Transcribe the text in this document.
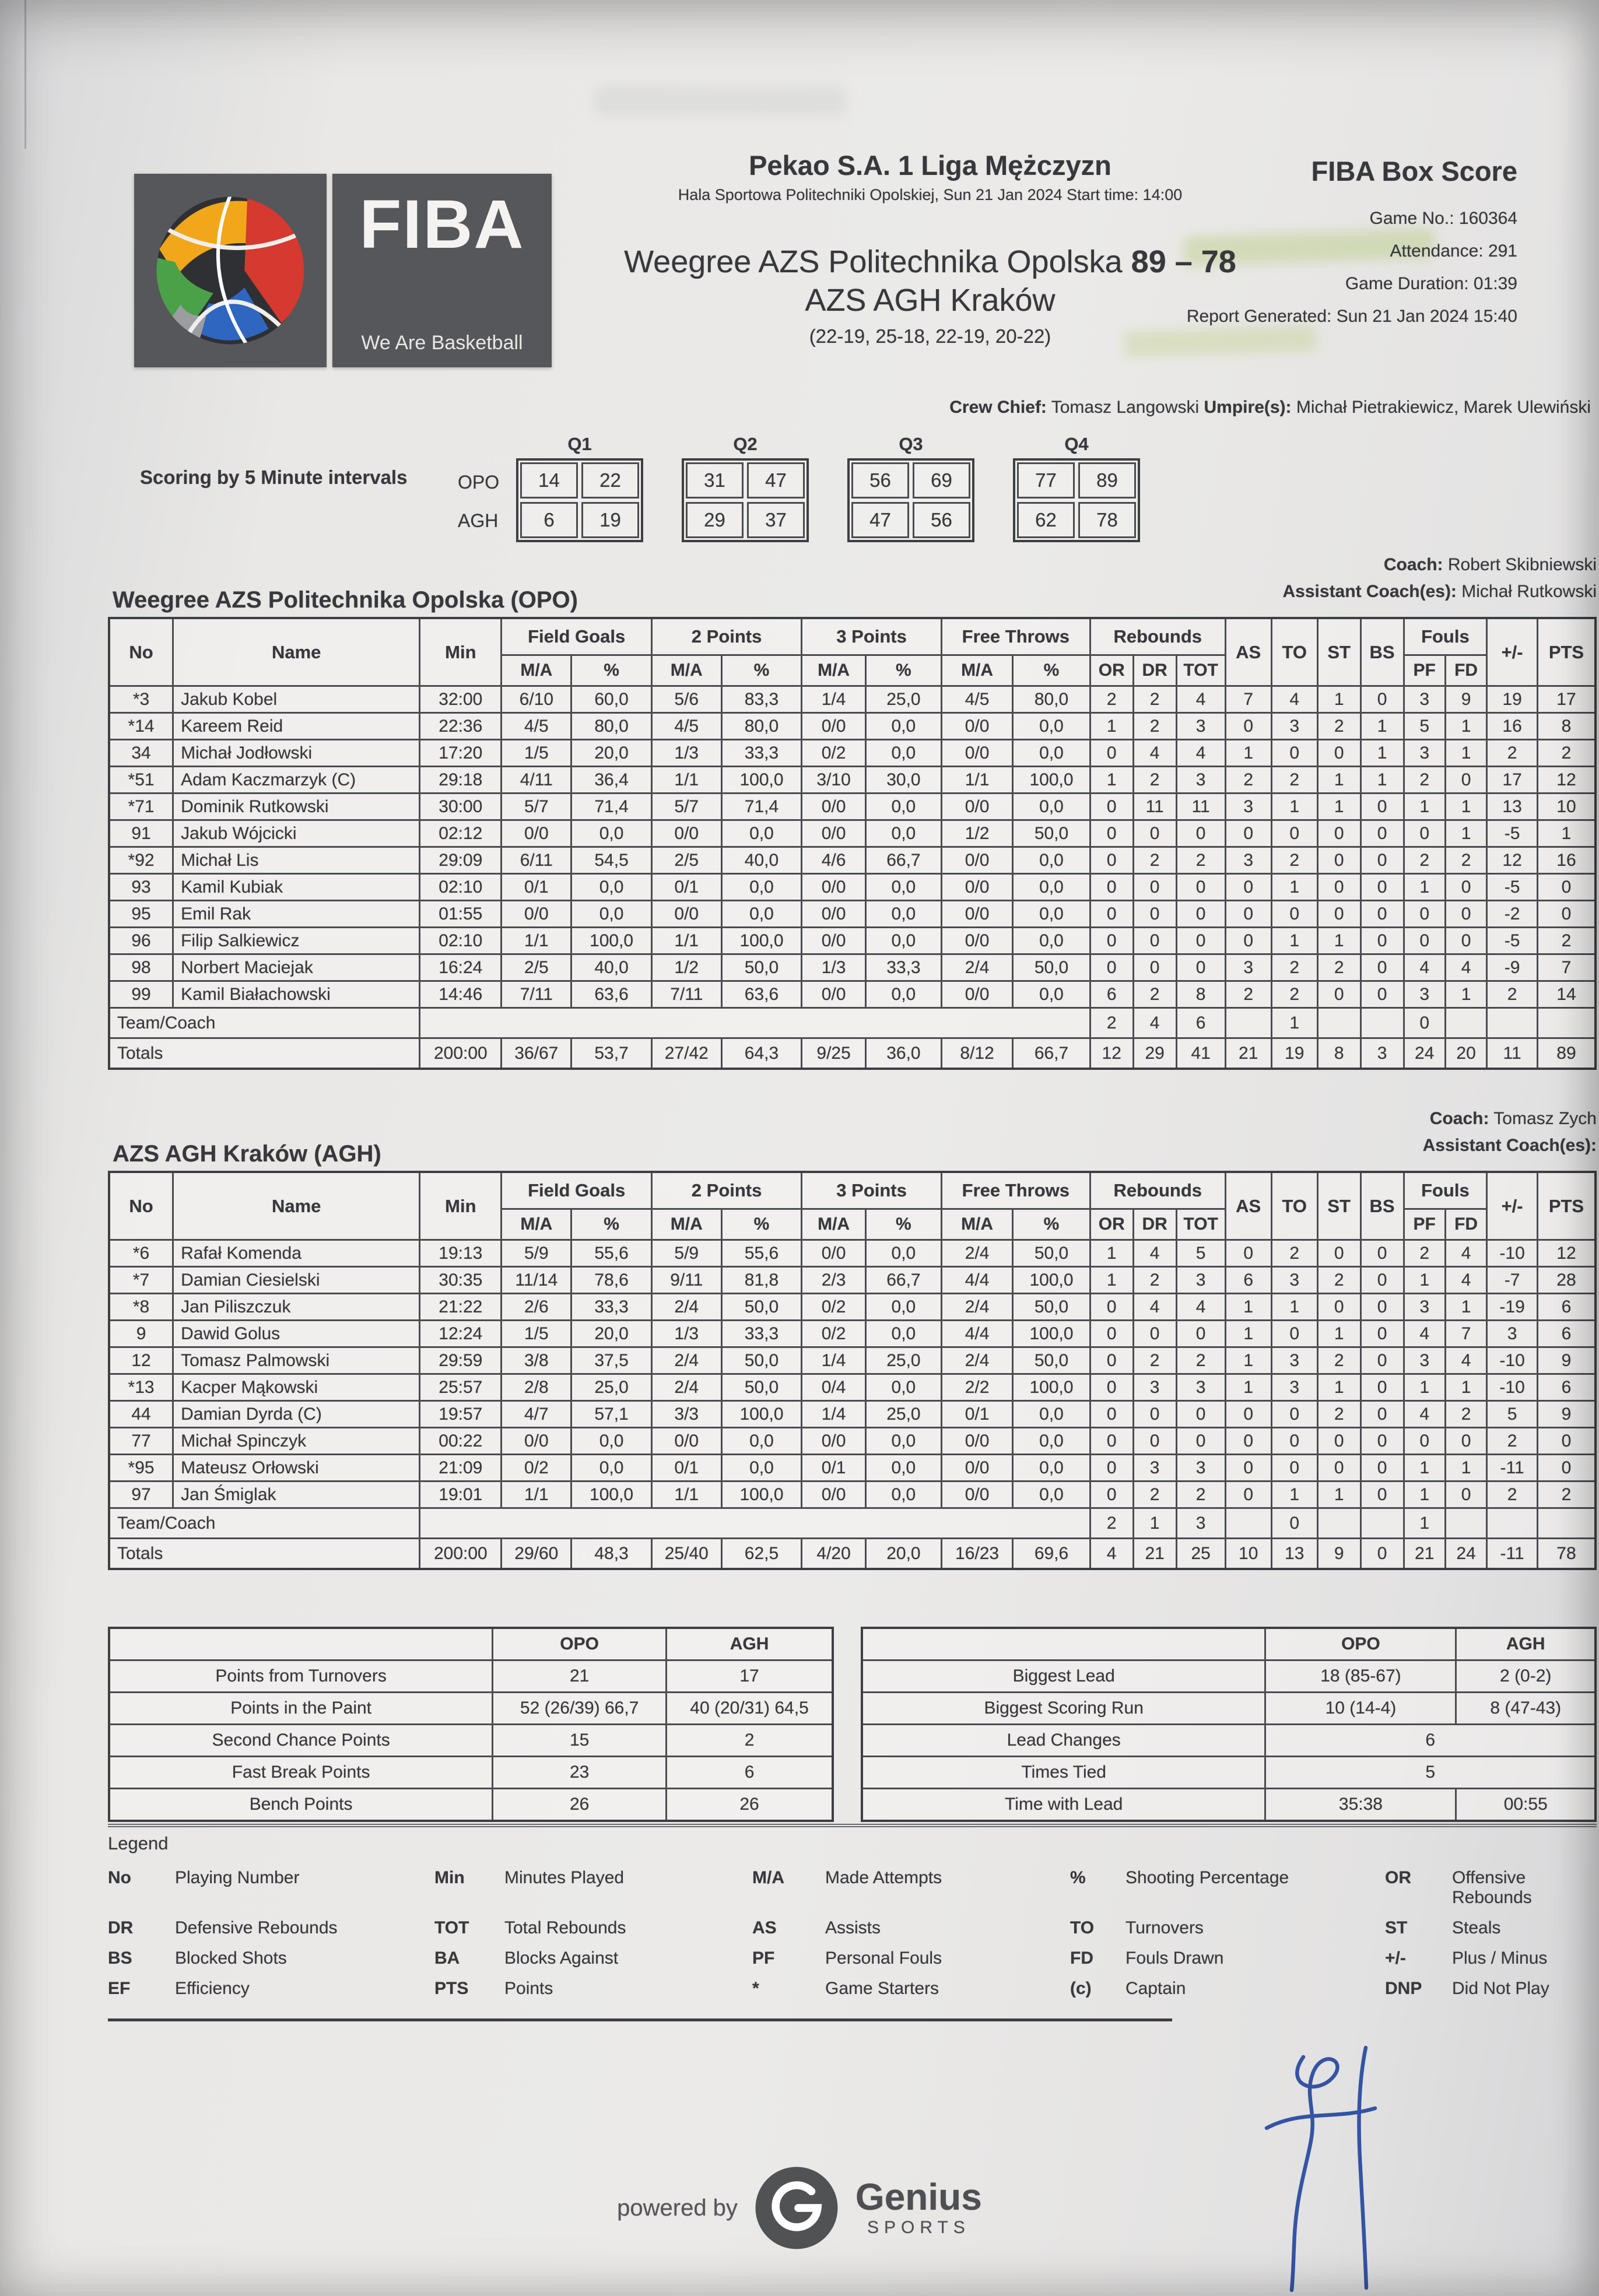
FIBA
We Are Basketball
Pekao S.A. 1 Liga Mężczyzn
Hala Sportowa Politechniki Opolskiej, Sun 21 Jan 2024 Start time: 14:00
Weegree AZS Politechnika Opolska 89 – 78 AZS AGH Kraków
(22-19, 25-18, 22-19, 20-22)
FIBA Box Score
Game No.: 160364
Attendance: 291
Game Duration: 01:39
Report Generated: Sun 21 Jan 2024 15:40
Crew Chief: Tomasz Langowski Umpire(s): Michał Pietrakiewicz, Marek Ulewiński
Scoring by 5 Minute intervals	OPO
AGH
Q1
14	22
6	19
Q2
31	47
29	37
Q3
56	69
47	56
Q4
77	89
62	78
Coach: Robert Skibniewski
Assistant Coach(es): Michał Rutkowski
Weegree AZS Politechnika Opolska (OPO)
No	Name	Min	Field Goals		2 Points		3 Points		Free Throws		Rebounds			AS	TO	ST	BS	Fouls		+/-	PTS
			M/A	%	M/A	%	M/A	%	M/A	%	OR	DR	TOT					PF	FD		
*3	Jakub Kobel	32:00	6/10	60,0	5/6	83,3	1/4	25,0	4/5	80,0	2	2	4	7	4	1	0	3	9	19	17
*14	Kareem Reid	22:36	4/5	80,0	4/5	80,0	0/0	0,0	0/0	0,0	1	2	3	0	3	2	1	5	1	16	8
34	Michał Jodłowski	17:20	1/5	20,0	1/3	33,3	0/2	0,0	0/0	0,0	0	4	4	1	0	0	1	3	1	2	2
*51	Adam Kaczmarzyk (C)	29:18	4/11	36,4	1/1	100,0	3/10	30,0	1/1	100,0	1	2	3	2	2	1	1	2	0	17	12
*71	Dominik Rutkowski	30:00	5/7	71,4	5/7	71,4	0/0	0,0	0/0	0,0	0	11	11	3	1	1	0	1	1	13	10
91	Jakub Wójcicki	02:12	0/0	0,0	0/0	0,0	0/0	0,0	1/2	50,0	0	0	0	0	0	0	0	0	1	-5	1
*92	Michał Lis	29:09	6/11	54,5	2/5	40,0	4/6	66,7	0/0	0,0	0	2	2	3	2	0	0	2	2	12	16
93	Kamil Kubiak	02:10	0/1	0,0	0/1	0,0	0/0	0,0	0/0	0,0	0	0	0	0	1	0	0	1	0	-5	0
95	Emil Rak	01:55	0/0	0,0	0/0	0,0	0/0	0,0	0/0	0,0	0	0	0	0	0	0	0	0	0	-2	0
96	Filip Salkiewicz	02:10	1/1	100,0	1/1	100,0	0/0	0,0	0/0	0,0	0	0	0	0	1	1	0	0	0	-5	2
98	Norbert Maciejak	16:24	2/5	40,0	1/2	50,0	1/3	33,3	2/4	50,0	0	0	0	3	2	2	0	4	4	-9	7
99	Kamil Białachowski	14:46	7/11	63,6	7/11	63,6	0/0	0,0	0/0	0,0	6	2	8	2	2	0	0	3	1	2	14
Team/Coach											2	4	6		1			0			
Totals		200:00	36/67	53,7	27/42	64,3	9/25	36,0	8/12	66,7	12	29	41	21	19	8	3	24	20	11	89
Coach: Tomasz Zych
Assistant Coach(es):
AZS AGH Kraków (AGH)
No	Name	Min	Field Goals		2 Points		3 Points		Free Throws		Rebounds			AS	TO	ST	BS	Fouls		+/-	PTS
			M/A	%	M/A	%	M/A	%	M/A	%	OR	DR	TOT					PF	FD		
*6	Rafał Komenda	19:13	5/9	55,6	5/9	55,6	0/0	0,0	2/4	50,0	1	4	5	0	2	0	0	2	4	-10	12
*7	Damian Ciesielski	30:35	11/14	78,6	9/11	81,8	2/3	66,7	4/4	100,0	1	2	3	6	3	2	0	1	4	-7	28
*8	Jan Piliszczuk	21:22	2/6	33,3	2/4	50,0	0/2	0,0	2/4	50,0	0	4	4	1	1	0	0	3	1	-19	6
9	Dawid Golus	12:24	1/5	20,0	1/3	33,3	0/2	0,0	4/4	100,0	0	0	0	1	0	1	0	4	7	3	6
12	Tomasz Palmowski	29:59	3/8	37,5	2/4	50,0	1/4	25,0	2/4	50,0	0	2	2	1	3	2	0	3	4	-10	9
*13	Kacper Mąkowski	25:57	2/8	25,0	2/4	50,0	0/4	0,0	2/2	100,0	0	3	3	1	3	1	0	1	1	-10	6
44	Damian Dyrda (C)	19:57	4/7	57,1	3/3	100,0	1/4	25,0	0/1	0,0	0	0	0	0	0	2	0	4	2	5	9
77	Michał Spinczyk	00:22	0/0	0,0	0/0	0,0	0/0	0,0	0/0	0,0	0	0	0	0	0	0	0	0	0	2	0
*95	Mateusz Orłowski	21:09	0/2	0,0	0/1	0,0	0/1	0,0	0/0	0,0	0	3	3	0	0	0	0	1	1	-11	0
97	Jan Śmiglak	19:01	1/1	100,0	1/1	100,0	0/0	0,0	0/0	0,0	0	2	2	0	1	1	0	1	0	2	2
Team/Coach											2	1	3		0			1			
Totals		200:00	29/60	48,3	25/40	62,5	4/20	20,0	16/23	69,6	4	21	25	10	13	9	0	21	24	-11	78
	OPO	AGH
Points from Turnovers	21	17
Points in the Paint	52 (26/39) 66,7	40 (20/31) 64,5
Second Chance Points	15	2
Fast Break Points	23	6
Bench Points	26	26
	OPO	AGH
Biggest Lead	18 (85-67)	2 (0-2)
Biggest Scoring Run	10 (14-4)	8 (47-43)
Lead Changes	6	
Times Tied	5	
Time with Lead	35:38	00:55
Legend
No	Playing Number	Min	Minutes Played	M/A	Made Attempts	%	Shooting Percentage	OR	Offensive Rebounds
DR	Defensive Rebounds	TOT	Total Rebounds	AS	Assists	TO	Turnovers	ST	Steals
BS	Blocked Shots	BA	Blocks Against	PF	Personal Fouls	FD	Fouls Drawn	+/-	Plus / Minus
EF	Efficiency	PTS	Points	*	Game Starters	(c)	Captain	DNP	Did Not Play
powered by	Genius
SPORTS
